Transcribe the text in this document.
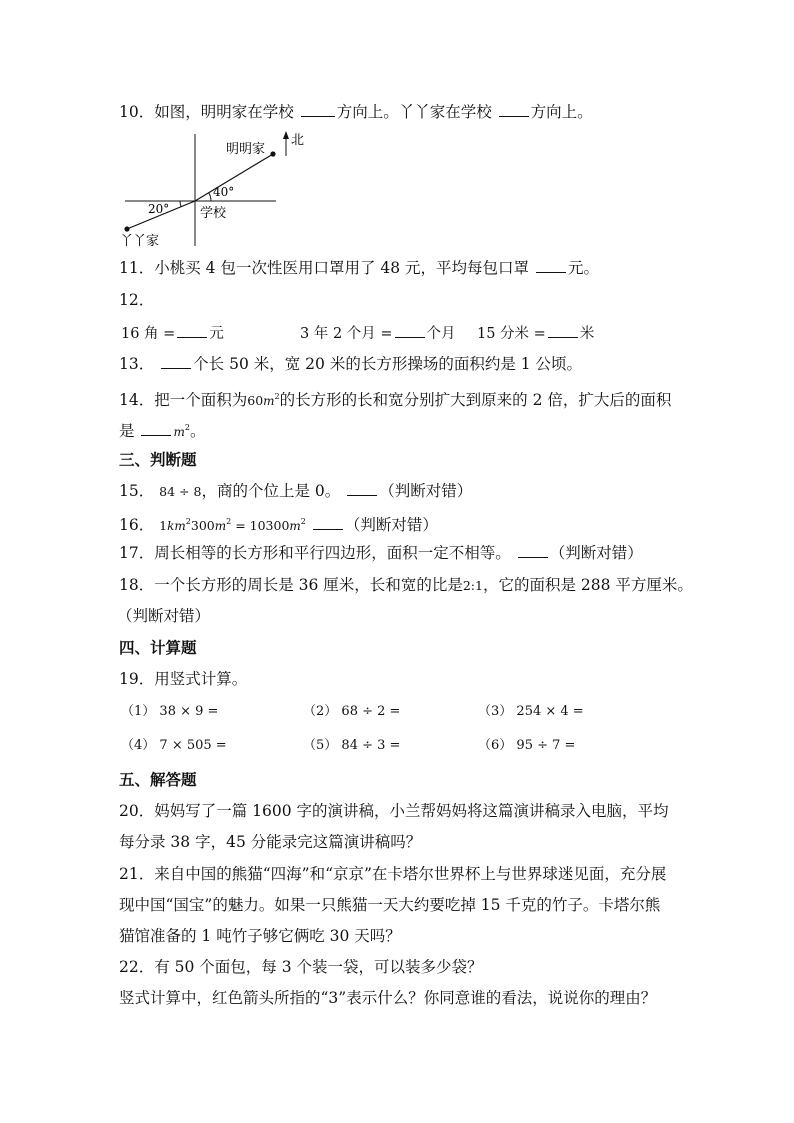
10．如图，明明家在学校	方向上。丫丫家在学校	方向上。
明明家
北
40°
20° 学校
丫丫家
11．小桃买 4 包一次性医用口罩用了 48 元，平均每包口罩	元。
12．
16 角 = 元	3 年 2 个月 = 个月 15 分米 = 米
13．	个长 50 米，宽 20 米的长方形操场的面积约是 1 公顷。
14．把一个面积为$60m^2$的长方形的长和宽分别扩大到原来的 2 倍，扩大后的面积
是	$m^2$。
三、判断题
15． 84 ÷ 8，商的个位上是 0。	（判断对错）
16． $1km^2300m^2 = 10300m^2$	（判断对错）
17．周长相等的长方形和平行四边形，面积一定不相等。	（判断对错）
18．一个长方形的周长是 36 厘米，长和宽的比是2:1，它的面积是 288 平方厘米。
（判断对错）
四、计算题
19．用竖式计算。
（1） 38 × 9 =	（2） 68 ÷ 2 =	（3） 254 × 4 =
（4） 7 × 505 =	（5） 84 ÷ 3 =	（6） 95 ÷ 7 =
五、解答题
20．妈妈写了一篇 1600 字的演讲稿，小兰帮妈妈将这篇演讲稿录入电脑，平均
每分录 38 字，45 分能录完这篇演讲稿吗？
21．来自中国的熊猫“四海”和“京京”在卡塔尔世界杯上与世界球迷见面，充分展
现中国“国宝”的魅力。如果一只熊猫一天大约要吃掉 15 千克的竹子。卡塔尔熊
猫馆准备的 1 吨竹子够它俩吃 30 天吗？
22．有 50 个面包，每 3 个装一袋，可以装多少袋？
竖式计算中，红色箭头所指的“3”表示什么？你同意谁的看法，说说你的理由？
